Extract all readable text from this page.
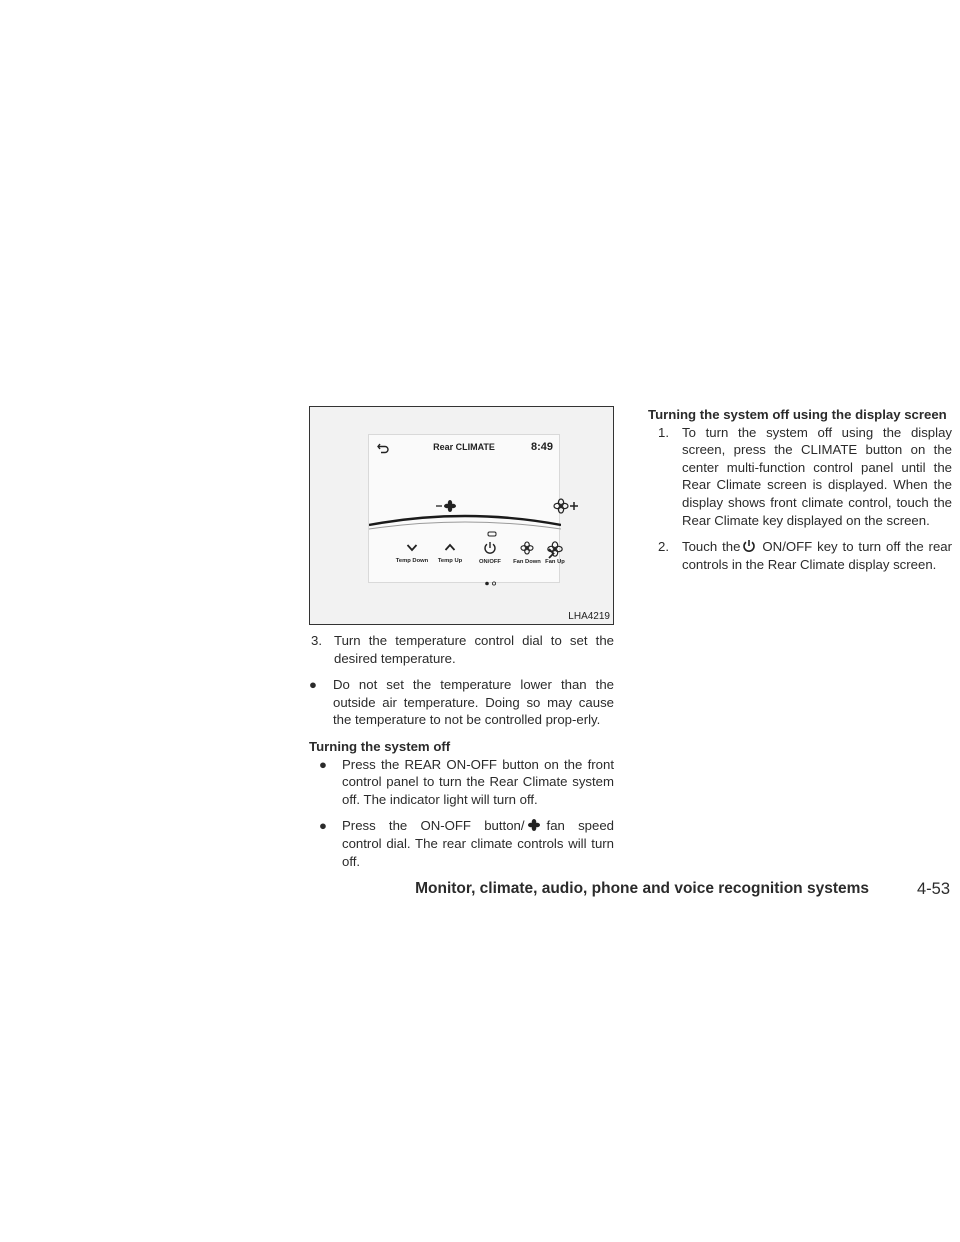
Rear CLIMATE	8:49
Temp Down	Temp Up	ON/OFF	Fan Down Fan Up
LHA4219

3. Turn the temperature control dial to set the desired temperature.

● Do not set the temperature lower than the outside air temperature. Doing so may cause the temperature to not be controlled prop-erly.

Turning the system off

● Press the REAR ON-OFF button on the front control panel to turn the Rear Climate system off. The indicator light will turn off.

● Press the ON-OFF button/ fan speed control dial. The rear climate controls will turn off.

Turning the system off using the display screen

1. To turn the system off using the display screen, press the CLIMATE button on the center multi-function control panel until the Rear Climate screen is displayed. When the display shows front climate control, touch the Rear Climate key displayed on the screen.

2. Touch the ON/OFF key to turn off the rear controls in the Rear Climate display screen.

Monitor, climate, audio, phone and voice recognition systems	4-53
